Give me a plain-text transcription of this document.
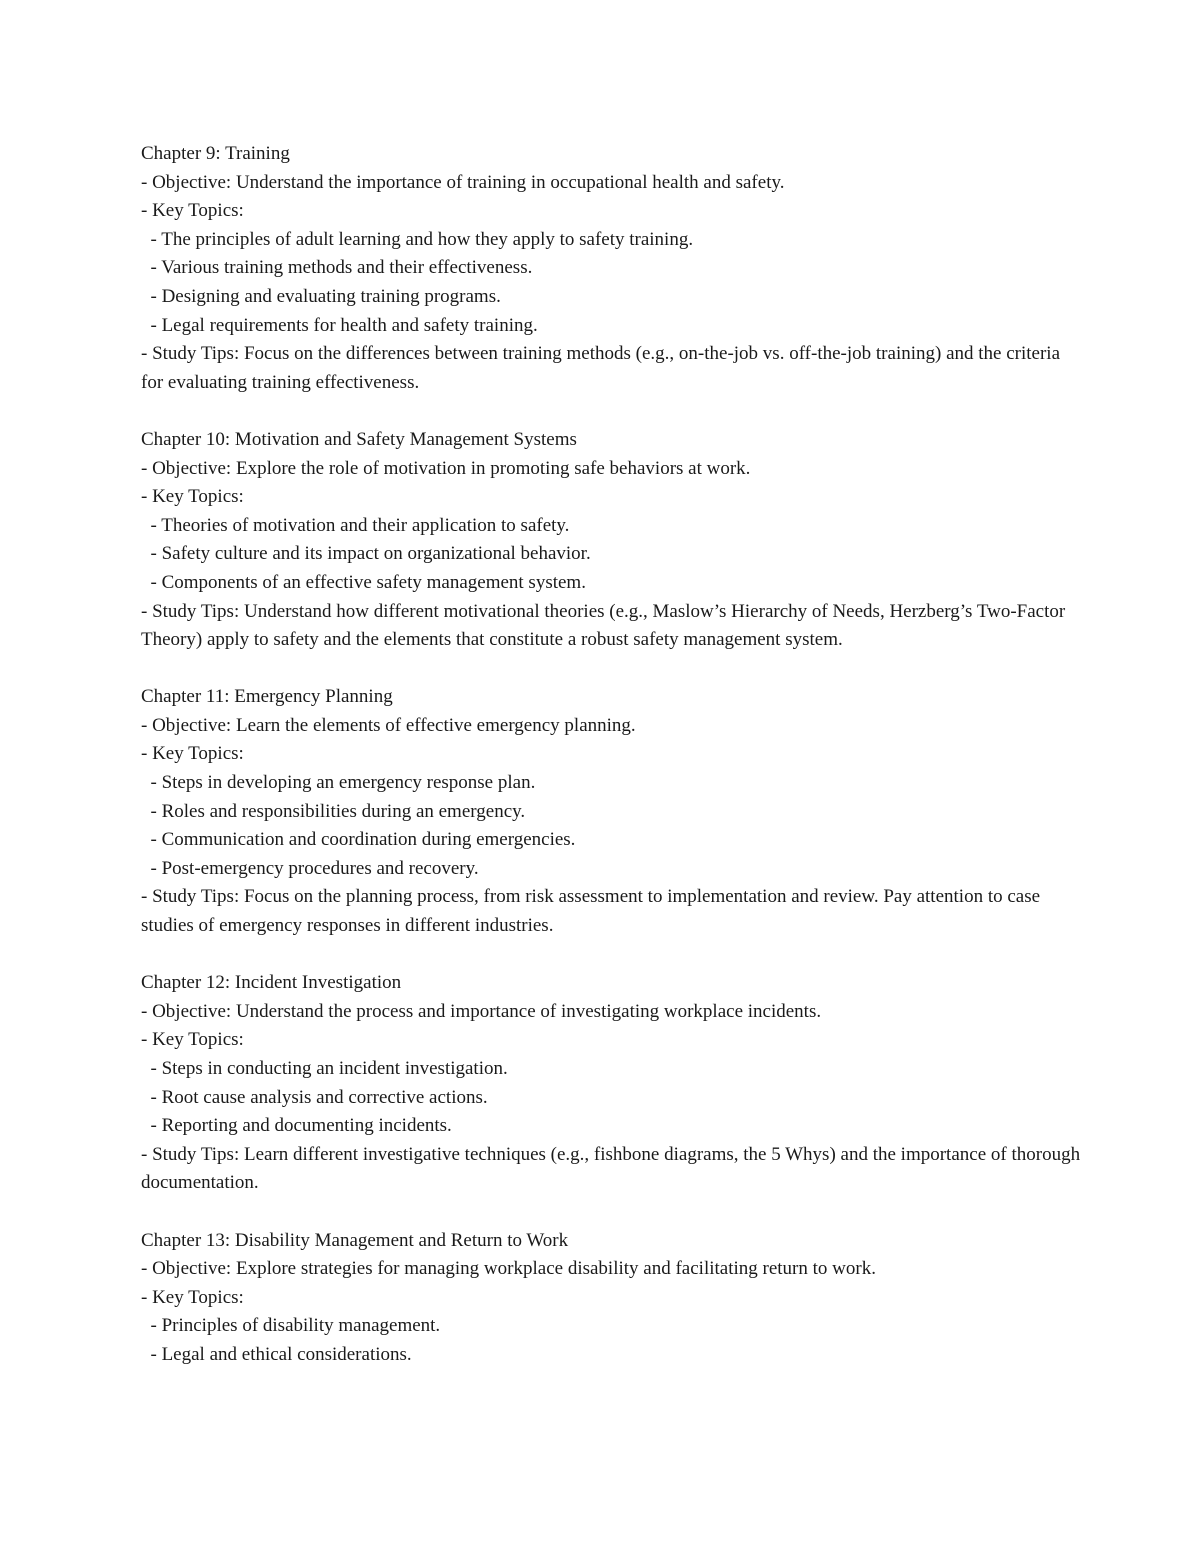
Chapter 9: Training

- Objective: Understand the importance of training in occupational health and safety.

- Key Topics:

- The principles of adult learning and how they apply to safety training.

- Various training methods and their effectiveness.

- Designing and evaluating training programs.

- Legal requirements for health and safety training.

- Study Tips: Focus on the differences between training methods (e.g., on-the-job vs. off-the-job training) and the criteria for evaluating training effectiveness.

Chapter 10: Motivation and Safety Management Systems

- Objective: Explore the role of motivation in promoting safe behaviors at work.

- Key Topics:

- Theories of motivation and their application to safety.

- Safety culture and its impact on organizational behavior.

- Components of an effective safety management system.

- Study Tips: Understand how different motivational theories (e.g., Maslow’s Hierarchy of Needs, Herzberg’s Two-Factor Theory) apply to safety and the elements that constitute a robust safety management system.

Chapter 11: Emergency Planning

- Objective: Learn the elements of effective emergency planning.

- Key Topics:

- Steps in developing an emergency response plan.

- Roles and responsibilities during an emergency.

- Communication and coordination during emergencies.

- Post-emergency procedures and recovery.

- Study Tips: Focus on the planning process, from risk assessment to implementation and review. Pay attention to case studies of emergency responses in different industries.

Chapter 12: Incident Investigation

- Objective: Understand the process and importance of investigating workplace incidents.

- Key Topics:

- Steps in conducting an incident investigation.

- Root cause analysis and corrective actions.

- Reporting and documenting incidents.

- Study Tips: Learn different investigative techniques (e.g., fishbone diagrams, the 5 Whys) and the importance of thorough documentation.

Chapter 13: Disability Management and Return to Work

- Objective: Explore strategies for managing workplace disability and facilitating return to work.

- Key Topics:

- Principles of disability management.

- Legal and ethical considerations.
